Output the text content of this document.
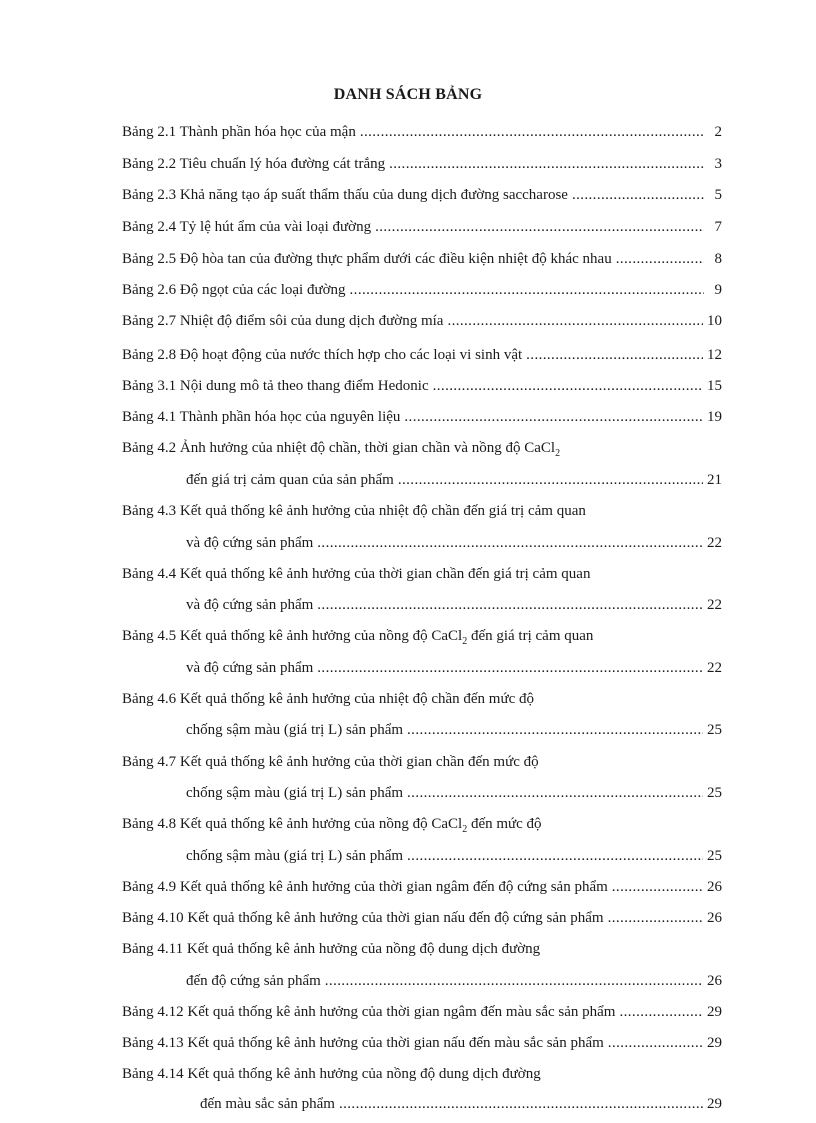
DANH SÁCH BẢNG
Bảng 2.1 Thành phần hóa học của mận .....	2
Bảng 2.2 Tiêu chuẩn lý hóa đường cát trắng .....	3
Bảng 2.3 Khả năng tạo áp suất thẩm thấu của dung dịch đường saccharose .....	5
Bảng 2.4 Tỷ lệ hút ẩm của vài loại đường .....	7
Bảng 2.5 Độ hòa tan của đường thực phẩm dưới các điều kiện nhiệt độ khác nhau .....	8
Bảng 2.6 Độ ngọt của các loại đường .....	9
Bảng 2.7 Nhiệt độ điểm sôi của dung dịch đường mía .....	10
Bảng 2.8 Độ hoạt động của nước thích hợp cho các loại vi sinh vật .....	12
Bảng 3.1 Nội dung mô tả theo thang điểm Hedonic .....	15
Bảng 4.1 Thành phần hóa học của nguyên liệu .....	19
Bảng 4.2 Ảnh hưởng của nhiệt độ chần, thời gian chần và nồng độ CaCl$_2$
đến giá trị cảm quan của sản phẩm .....	21
Bảng 4.3 Kết quả thống kê ảnh hưởng của nhiệt độ chần đến giá trị cảm quan
và độ cứng sản phẩm .....	22
Bảng 4.4 Kết quả thống kê ảnh hưởng của thời gian chần đến giá trị cảm quan
và độ cứng sản phẩm .....	22
Bảng 4.5 Kết quả thống kê ảnh hưởng của nồng độ CaCl$_2$ đến giá trị cảm quan
và độ cứng sản phẩm .....	22
Bảng 4.6 Kết quả thống kê ảnh hưởng của nhiệt độ chần đến mức độ
chống sậm màu (giá trị L) sản phẩm .....	25
Bảng 4.7 Kết quả thống kê ảnh hưởng của thời gian chần đến mức độ
chống sậm màu (giá trị L) sản phẩm .....	25
Bảng 4.8 Kết quả thống kê ảnh hưởng của nồng độ CaCl$_2$ đến mức độ
chống sậm màu (giá trị L) sản phẩm .....	25
Bảng 4.9 Kết quả thống kê ảnh hưởng của thời gian ngâm đến độ cứng sản phẩm .....	26
Bảng 4.10 Kết quả thống kê ảnh hưởng của thời gian nấu đến độ cứng sản phẩm .....	26
Bảng 4.11 Kết quả thống kê ảnh hưởng của nồng độ dung dịch đường
đến độ cứng sản phẩm .....	26
Bảng 4.12 Kết quả thống kê ảnh hưởng của thời gian ngâm đến màu sắc sản phẩm .....	29
Bảng 4.13 Kết quả thống kê ảnh hưởng của thời gian nấu đến màu sắc sản phẩm .....	29
Bảng 4.14 Kết quả thống kê ảnh hưởng của nồng độ dung dịch đường
đến màu sắc sản phẩm .....	29
